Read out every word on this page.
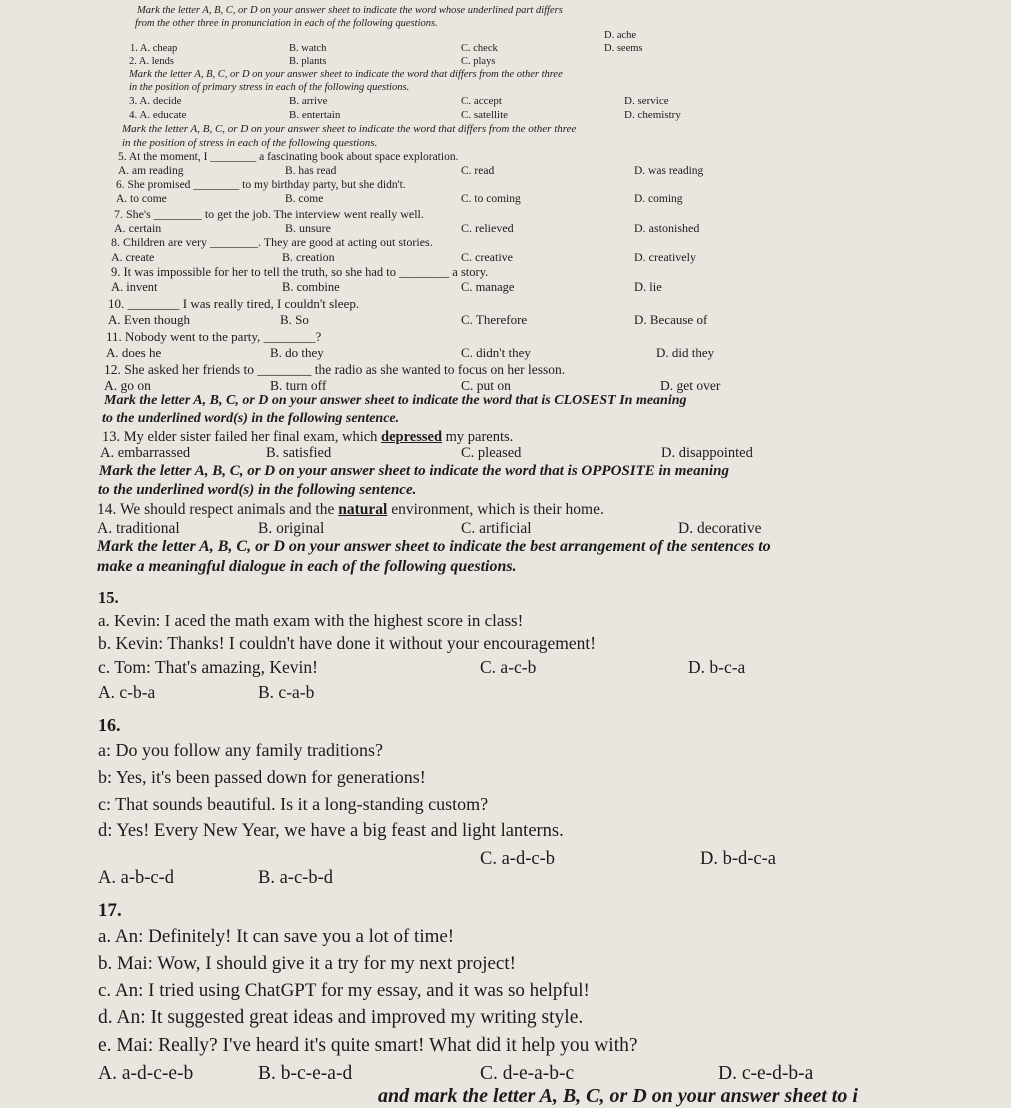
Mark the letter A, B, C, or D on your answer sheet to indicate the word whose underlined part differs
from the other three in pronunciation in each of the following questions.
D. ache
1. A. cheap	B. watch	C. check	D. seems
2. A. lends	B. plants	C. plays
Mark the letter A, B, C, or D on your answer sheet to indicate the word that differs from the other three
in the position of primary stress in each of the following questions.
3. A. decide	B. arrive	C. accept	D. service
4. A. educate	B. entertain	C. satellite	D. chemistry
Mark the letter A, B, C, or D on your answer sheet to indicate the word that differs from the other three
in the position of stress in each of the following questions.
5. At the moment, I ________ a fascinating book about space exploration.
A. am reading	B. has read	C. read	D. was reading
6. She promised ________ to my birthday party, but she didn't.
A. to come	B. come	C. to coming	D. coming
7. She's ________ to get the job. The interview went really well.
A. certain	B. unsure	C. relieved	D. astonished
8. Children are very ________. They are good at acting out stories.
A. create	B. creation	C. creative	D. creatively
9. It was impossible for her to tell the truth, so she had to ________ a story.
A. invent	B. combine	C. manage	D. lie
10. ________ I was really tired, I couldn't sleep.
A. Even though	B. So	C. Therefore	D. Because of
11. Nobody went to the party, ________?
A. does he	B. do they	C. didn't they	D. did they
12. She asked her friends to ________ the radio as she wanted to focus on her lesson.
A. go on	B. turn off	C. put on	D. get over
Mark the letter A, B, C, or D on your answer sheet to indicate the word that is CLOSEST In meaning
to the underlined word(s) in the following sentence.
13. My elder sister failed her final exam, which depressed my parents.
A. embarrassed	B. satisfied	C. pleased	D. disappointed
Mark the letter A, B, C, or D on your answer sheet to indicate the word that is OPPOSITE in meaning
to the underlined word(s) in the following sentence.
14. We should respect animals and the natural environment, which is their home.
A. traditional	B. original	C. artificial	D. decorative
Mark the letter A, B, C, or D on your answer sheet to indicate the best arrangement of the sentences to
make a meaningful dialogue in each of the following questions.
15.
a. Kevin: I aced the math exam with the highest score in class!
b. Kevin: Thanks! I couldn't have done it without your encouragement!
c. Tom: That's amazing, Kevin!	C. a-c-b	D. b-c-a
A. c-b-a	B. c-a-b
16.
a: Do you follow any family traditions?
b: Yes, it's been passed down for generations!
c: That sounds beautiful. Is it a long-standing custom?
d: Yes! Every New Year, we have a big feast and light lanterns.
C. a-d-c-b	D. b-d-c-a
A. a-b-c-d	B. a-c-b-d
17.
a. An: Definitely! It can save you a lot of time!
b. Mai: Wow, I should give it a try for my next project!
c. An: I tried using ChatGPT for my essay, and it was so helpful!
d. An: It suggested great ideas and improved my writing style.
e. Mai: Really? I've heard it's quite smart! What did it help you with?
A. a-d-c-e-b	B. b-c-e-a-d	C. d-e-a-b-c	D. c-e-d-b-a
and mark the letter A, B, C, or D on your answer sheet to i
